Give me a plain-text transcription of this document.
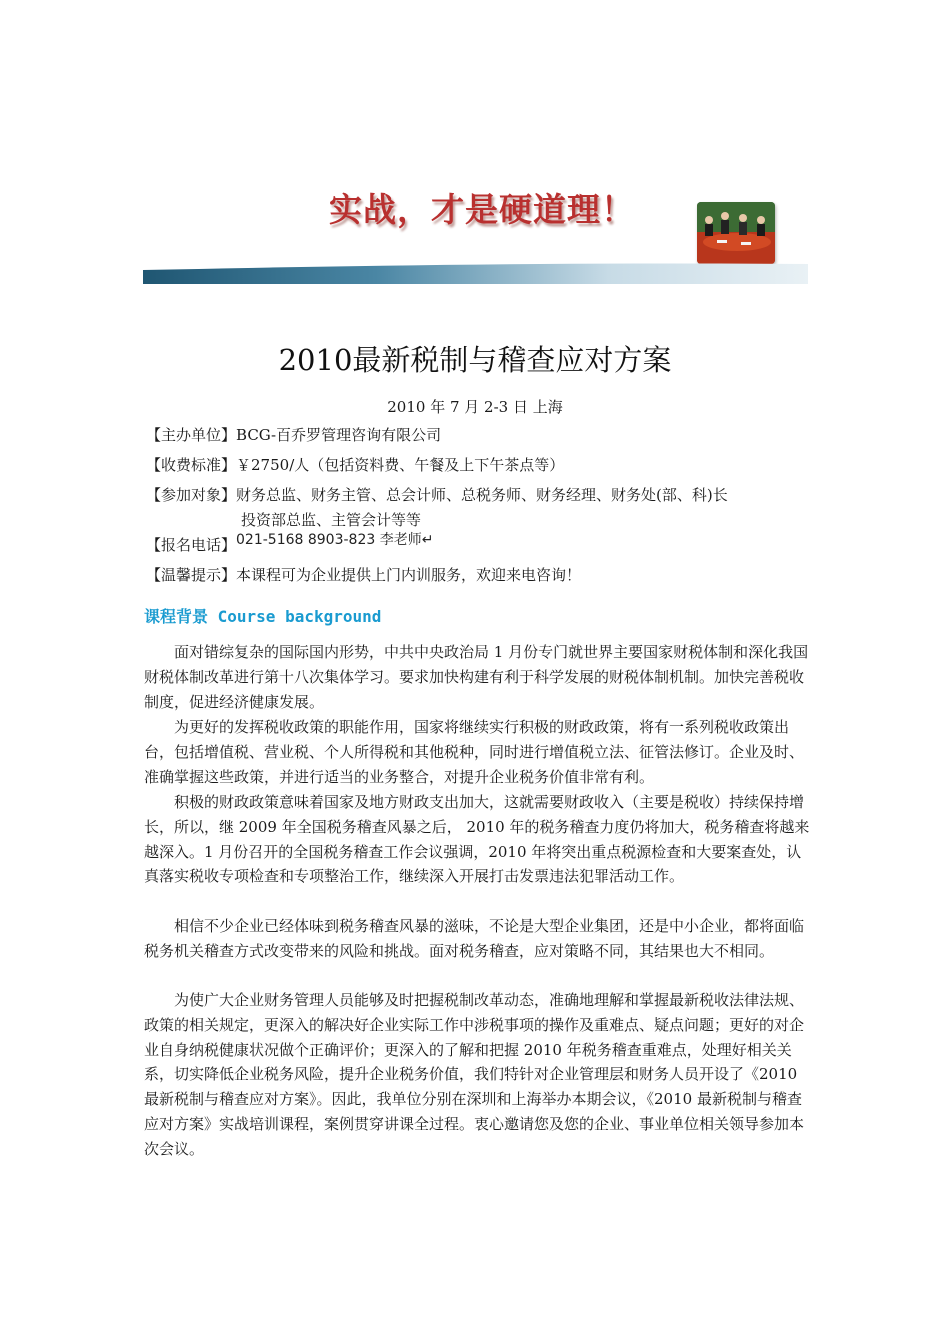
实战，才是硬道理！
2010最新税制与稽查应对方案
2010 年 7 月 2-3 日 上海
【主办单位】BCG-百乔罗管理咨询有限公司
【收费标准】￥2750/人（包括资料费、午餐及上下午茶点等）
【参加对象】财务总监、财务主管、总会计师、总税务师、财务经理、财务处(部、科)长
投资部总监、主管会计等等
【报名电话】021-5168 8903-823 李老师↵
【温馨提示】本课程可为企业提供上门内训服务，欢迎来电咨询！
课程背景 Course background

面对错综复杂的国际国内形势，中共中央政治局 1 月份专门就世界主要国家财税体制和深化我国财税体制改革进行第十八次集体学习。要求加快构建有利于科学发展的财税体制机制。加快完善税收制度，促进经济健康发展。

为更好的发挥税收政策的职能作用，国家将继续实行积极的财政政策，将有一系列税收政策出台，包括增值税、营业税、个人所得税和其他税种，同时进行增值税立法、征管法修订。企业及时、准确掌握这些政策，并进行适当的业务整合，对提升企业税务价值非常有利。

积极的财政政策意味着国家及地方财政支出加大，这就需要财政收入（主要是税收）持续保持增长，所以，继 2009 年全国税务稽查风暴之后， 2010 年的税务稽查力度仍将加大，税务稽查将越来越深入。1 月份召开的全国税务稽查工作会议强调，2010 年将突出重点税源检查和大要案查处，认真落实税收专项检查和专项整治工作，继续深入开展打击发票违法犯罪活动工作。

相信不少企业已经体味到税务稽查风暴的滋味，不论是大型企业集团，还是中小企业，都将面临税务机关稽查方式改变带来的风险和挑战。面对税务稽查，应对策略不同，其结果也大不相同。

为使广大企业财务管理人员能够及时把握税制改革动态，准确地理解和掌握最新税收法律法规、政策的相关规定，更深入的解决好企业实际工作中涉税事项的操作及重难点、疑点问题；更好的对企业自身纳税健康状况做个正确评价；更深入的了解和把握 2010 年税务稽查重难点，处理好相关关系，切实降低企业税务风险，提升企业税务价值，我们特针对企业管理层和财务人员开设了《2010 最新税制与稽查应对方案》。因此，我单位分别在深圳和上海举办本期会议，《2010 最新税制与稽查应对方案》实战培训课程，案例贯穿讲课全过程。衷心邀请您及您的企业、事业单位相关领导参加本次会议。
